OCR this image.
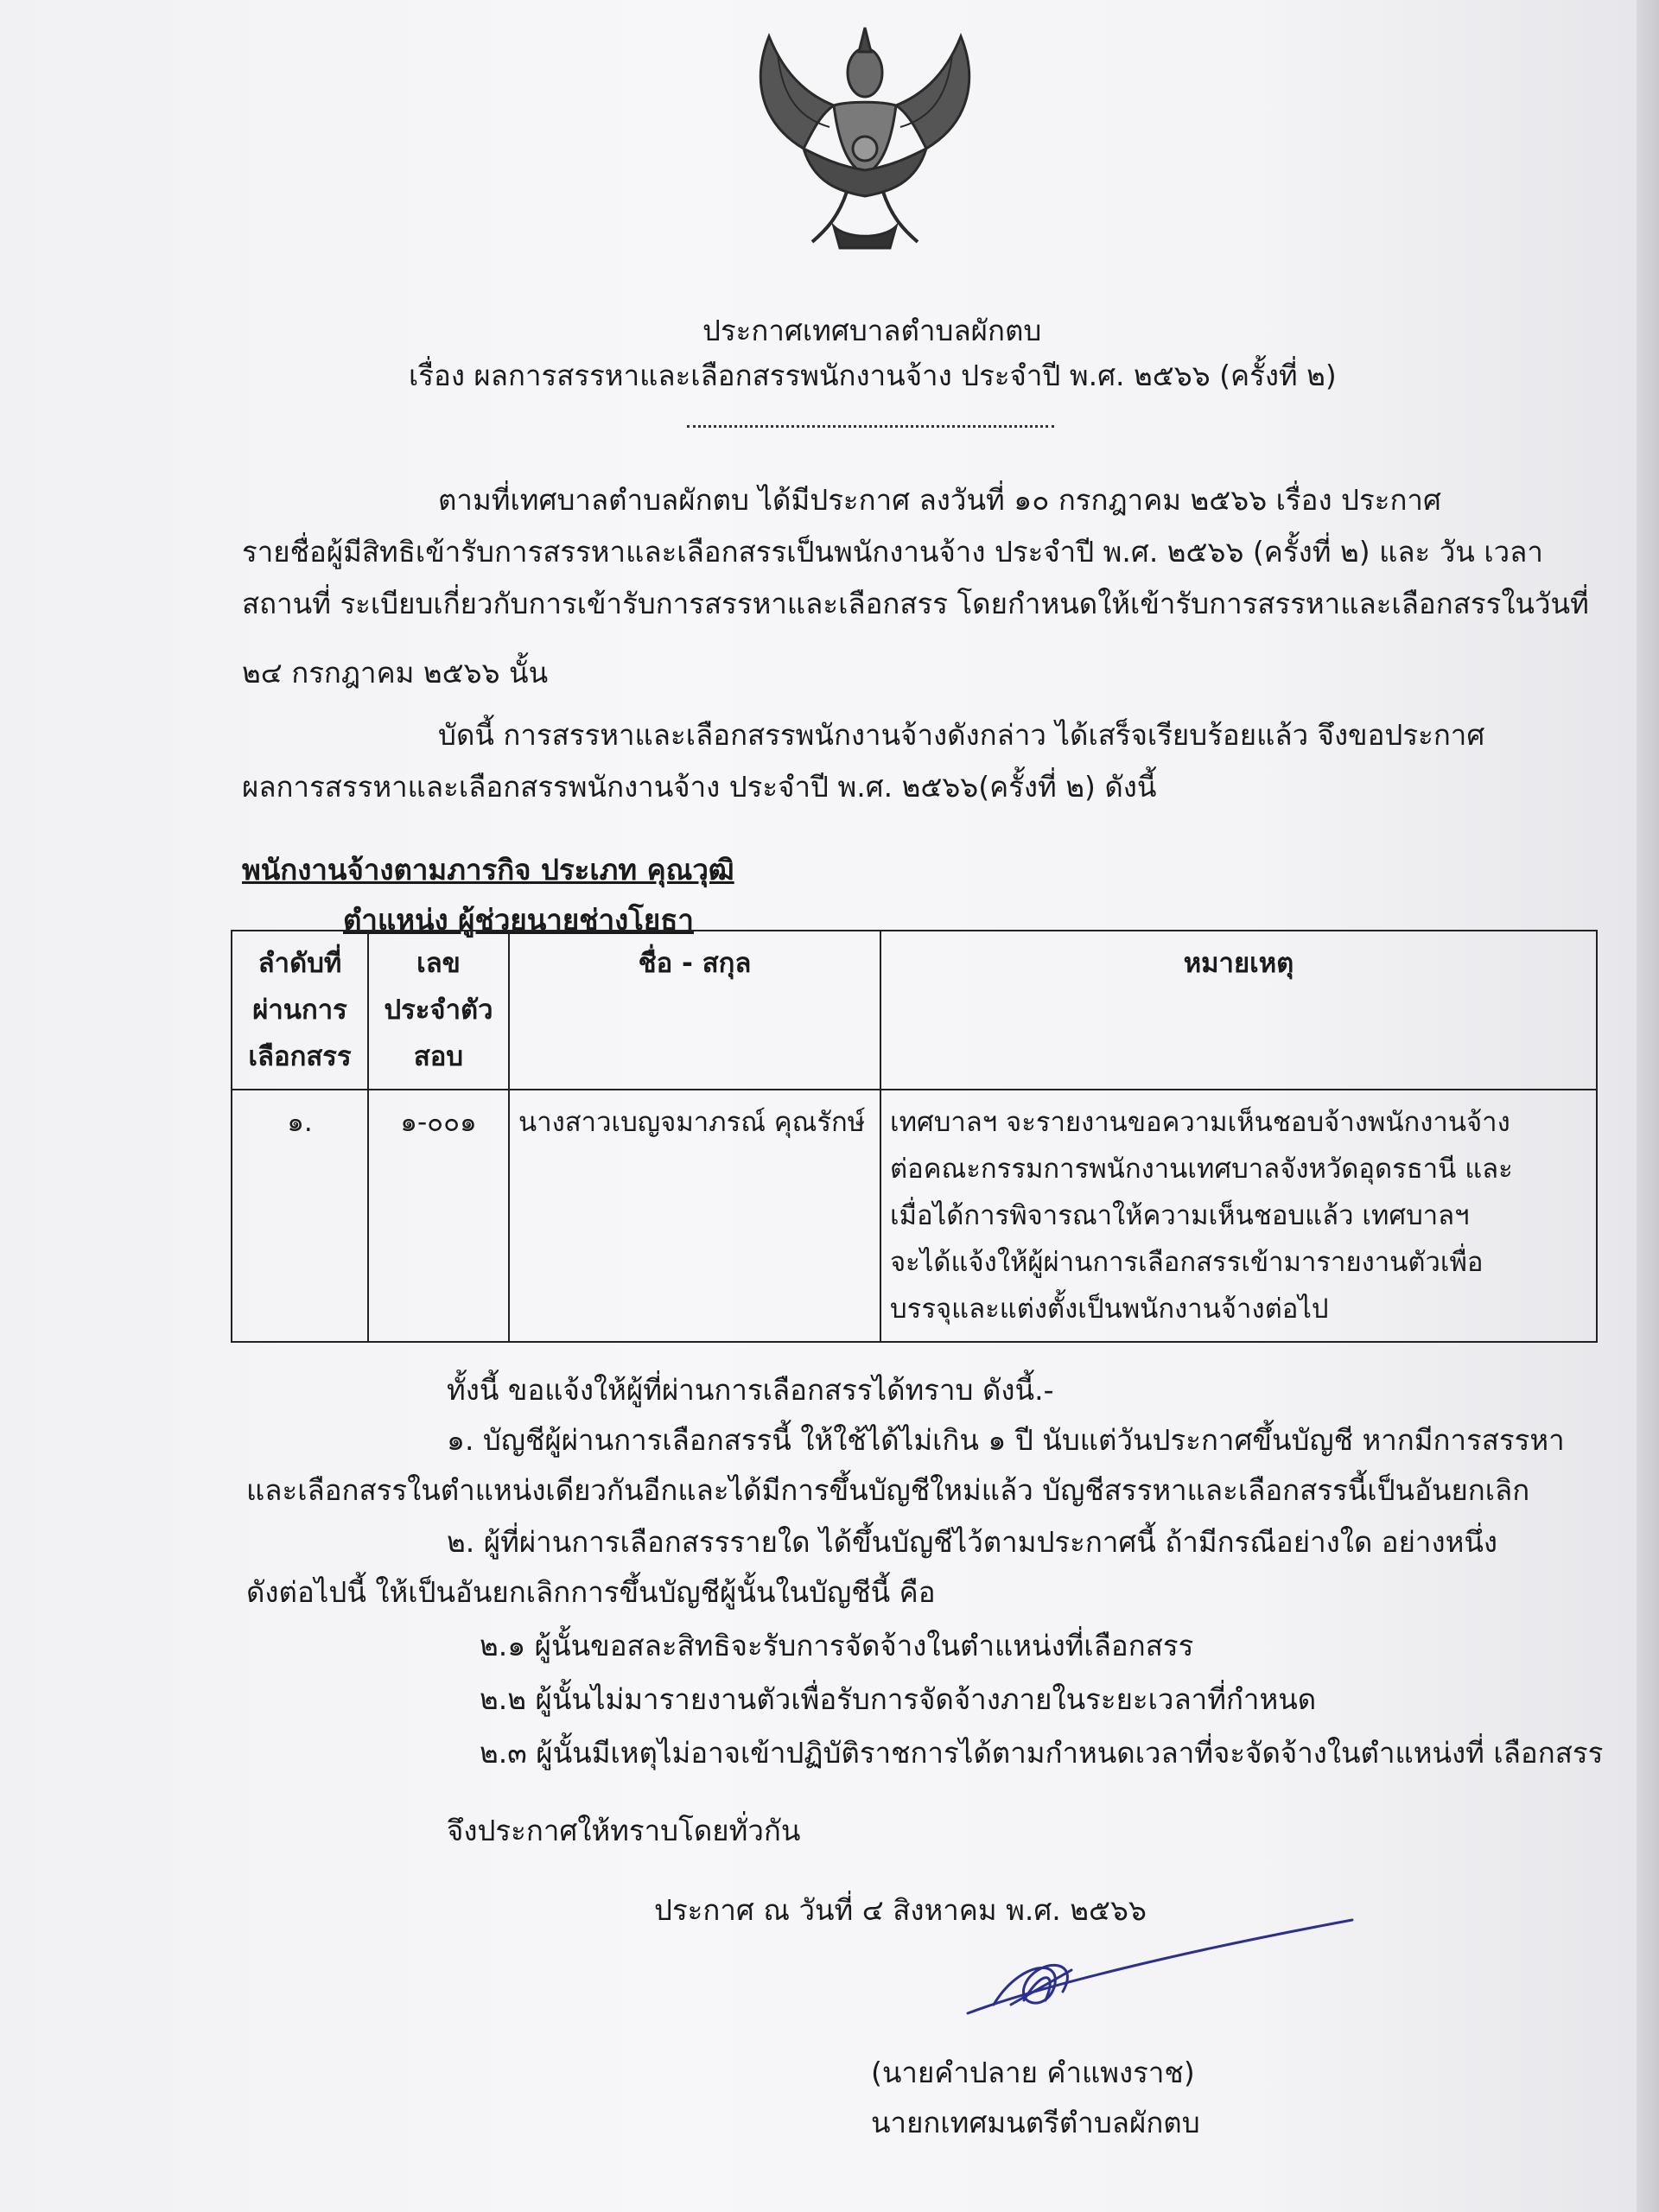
ประกาศเทศบาลตำบลผักตบ
เรื่อง ผลการสรรหาและเลือกสรรพนักงานจ้าง ประจำปี พ.ศ. ๒๕๖๖ (ครั้งที่ ๒)
ตามที่เทศบาลตำบลผักตบ ได้มีประกาศ ลงวันที่ ๑๐ กรกฎาคม ๒๕๖๖ เรื่อง ประกาศ
รายชื่อผู้มีสิทธิเข้ารับการสรรหาและเลือกสรรเป็นพนักงานจ้าง ประจำปี พ.ศ. ๒๕๖๖ (ครั้งที่ ๒) และ วัน เวลา
สถานที่ ระเบียบเกี่ยวกับการเข้ารับการสรรหาและเลือกสรร โดยกำหนดให้เข้ารับการสรรหาและเลือกสรรในวันที่
๒๔ กรกฎาคม ๒๕๖๖ นั้น
บัดนี้ การสรรหาและเลือกสรรพนักงานจ้างดังกล่าว ได้เสร็จเรียบร้อยแล้ว จึงขอประกาศ
ผลการสรรหาและเลือกสรรพนักงานจ้าง ประจำปี พ.ศ. ๒๕๖๖(ครั้งที่ ๒) ดังนี้
พนักงานจ้างตามภารกิจ ประเภท คุณวุฒิ
ตำแหน่ง ผู้ช่วยนายช่างโยธา
ลำดับที่ ผ่านการ เลือกสรร	เลข ประจำตัว สอบ	ชื่อ - สกุล	หมายเหตุ
๑.	๑-๐๐๑	นางสาวเบญจมาภรณ์ คุณรักษ์	เทศบาลฯ จะรายงานขอความเห็นชอบจ้างพนักงานจ้าง
ต่อคณะกรรมการพนักงานเทศบาลจังหวัดอุดรธานี และ
เมื่อได้การพิจารณาให้ความเห็นชอบแล้ว เทศบาลฯ
จะได้แจ้งให้ผู้ผ่านการเลือกสรรเข้ามารายงานตัวเพื่อ
บรรจุและแต่งตั้งเป็นพนักงานจ้างต่อไป
ทั้งนี้ ขอแจ้งให้ผู้ที่ผ่านการเลือกสรรได้ทราบ ดังนี้.-
๑. บัญชีผู้ผ่านการเลือกสรรนี้ ให้ใช้ได้ไม่เกิน ๑ ปี นับแต่วันประกาศขึ้นบัญชี หากมีการสรรหา
และเลือกสรรในตำแหน่งเดียวกันอีกและได้มีการขึ้นบัญชีใหม่แล้ว บัญชีสรรหาและเลือกสรรนี้เป็นอันยกเลิก
๒. ผู้ที่ผ่านการเลือกสรรรายใด ได้ขึ้นบัญชีไว้ตามประกาศนี้ ถ้ามีกรณีอย่างใด อย่างหนึ่ง
ดังต่อไปนี้ ให้เป็นอันยกเลิกการขึ้นบัญชีผู้นั้นในบัญชีนี้ คือ
๒.๑ ผู้นั้นขอสละสิทธิจะรับการจัดจ้างในตำแหน่งที่เลือกสรร
๒.๒ ผู้นั้นไม่มารายงานตัวเพื่อรับการจัดจ้างภายในระยะเวลาที่กำหนด
๒.๓ ผู้นั้นมีเหตุไม่อาจเข้าปฏิบัติราชการได้ตามกำหนดเวลาที่จะจัดจ้างในตำแหน่งที่ เลือกสรร
จึงประกาศให้ทราบโดยทั่วกัน
ประกาศ ณ วันที่ ๔ สิงหาคม พ.ศ. ๒๕๖๖
(นายคำปลาย คำแพงราช)
นายกเทศมนตรีตำบลผักตบ
